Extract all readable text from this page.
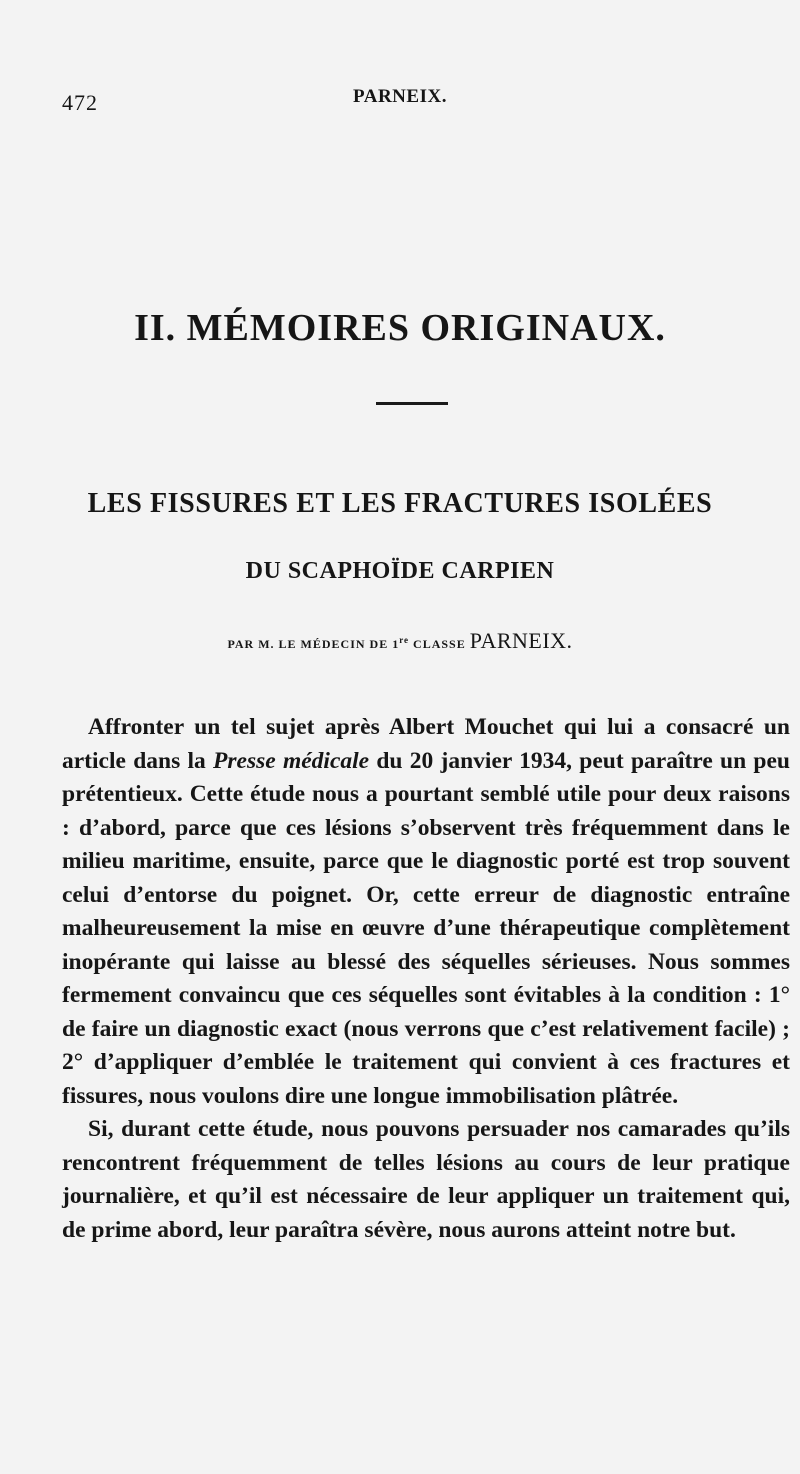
472	PARNEIX.
II. MÉMOIRES ORIGINAUX.
LES FISSURES ET LES FRACTURES ISOLÉES
DU SCAPHOÏDE CARPIEN
PAR M. LE MÉDECIN DE 1re CLASSE PARNEIX.

Affronter un tel sujet après Albert Mouchet qui lui a consacré un article dans la Presse médicale du 20 janvier 1934, peut paraître un peu prétentieux. Cette étude nous a pourtant semblé utile pour deux raisons : d’abord, parce que ces lésions s’observent très fréquemment dans le milieu maritime, ensuite, parce que le diagnostic porté est trop souvent celui d’entorse du poignet. Or, cette erreur de diagnostic entraîne malheureusement la mise en œuvre d’une thérapeutique complètement inopérante qui laisse au blessé des séquelles sérieuses. Nous sommes fermement convaincu que ces séquelles sont évitables à la condition : 1° de faire un diagnostic exact (nous verrons que c’est relativement facile) ; 2° d’appliquer d’emblée le traitement qui convient à ces fractures et fissures, nous voulons dire une longue immobilisation plâtrée.

Si, durant cette étude, nous pouvons persuader nos camarades qu’ils rencontrent fréquemment de telles lésions au cours de leur pratique journalière, et qu’il est nécessaire de leur appliquer un traitement qui, de prime abord, leur paraîtra sévère, nous aurons atteint notre but.
